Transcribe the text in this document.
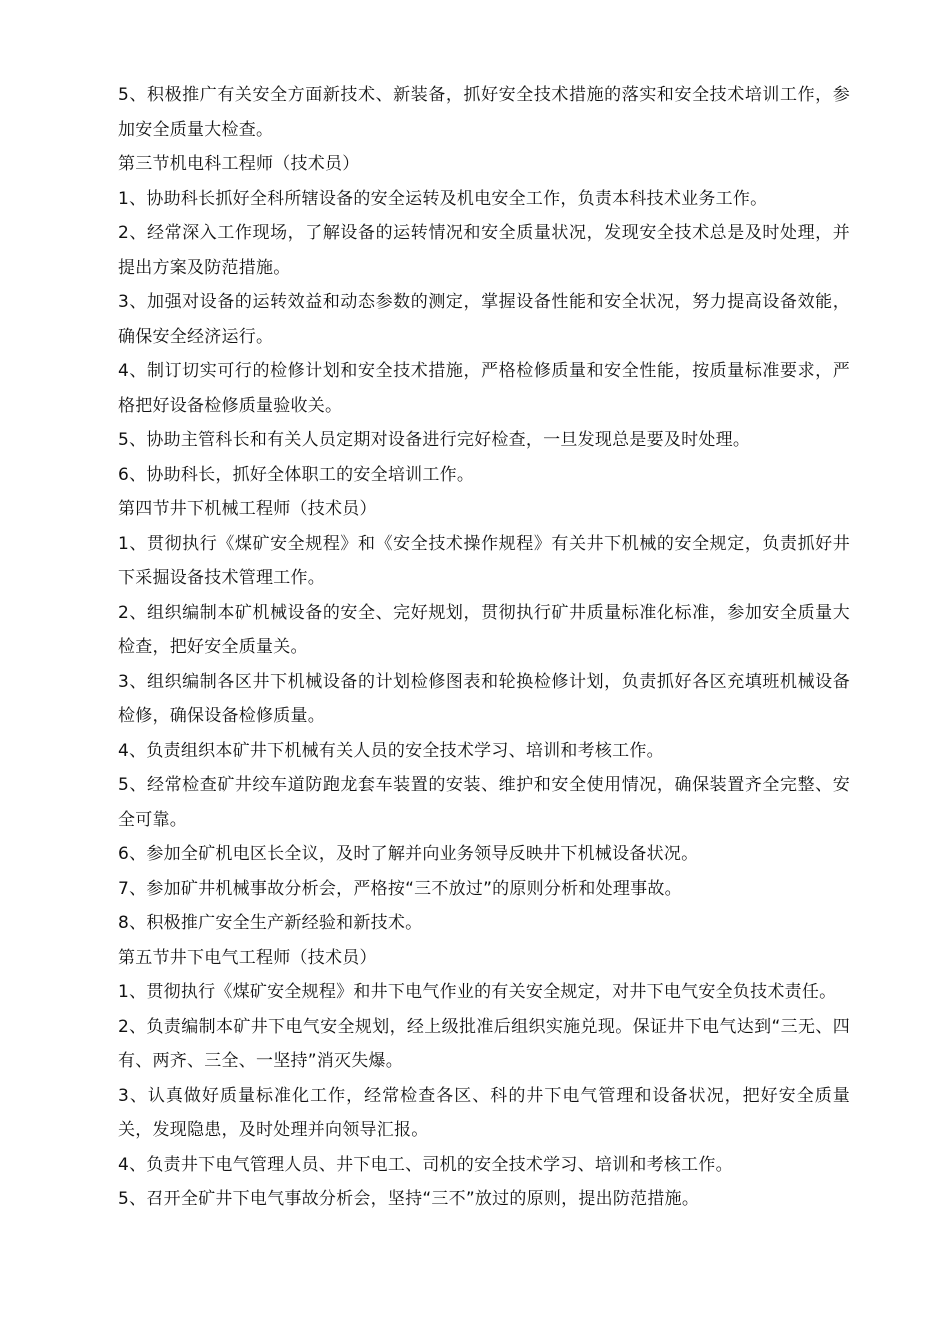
5、积极推广有关安全方面新技术、新装备，抓好安全技术措施的落实和安全技术培训工作，参加安全质量大检查。

第三节机电科工程师（技术员）

1、协助科长抓好全科所辖设备的安全运转及机电安全工作，负责本科技术业务工作。

2、经常深入工作现场，了解设备的运转情况和安全质量状况，发现安全技术总是及时处理，并提出方案及防范措施。

3、加强对设备的运转效益和动态参数的测定，掌握设备性能和安全状况，努力提高设备效能，确保安全经济运行。

4、制订切实可行的检修计划和安全技术措施，严格检修质量和安全性能，按质量标准要求，严格把好设备检修质量验收关。

5、协助主管科长和有关人员定期对设备进行完好检查，一旦发现总是要及时处理。

6、协助科长，抓好全体职工的安全培训工作。

第四节井下机械工程师（技术员）

1、贯彻执行《煤矿安全规程》和《安全技术操作规程》有关井下机械的安全规定，负责抓好井下采掘设备技术管理工作。

2、组织编制本矿机械设备的安全、完好规划，贯彻执行矿井质量标准化标准，参加安全质量大检查，把好安全质量关。

3、组织编制各区井下机械设备的计划检修图表和轮换检修计划，负责抓好各区充填班机械设备检修，确保设备检修质量。

4、负责组织本矿井下机械有关人员的安全技术学习、培训和考核工作。

5、经常检查矿井绞车道防跑龙套车装置的安装、维护和安全使用情况，确保装置齐全完整、安全可靠。

6、参加全矿机电区长全议，及时了解并向业务领导反映井下机械设备状况。

7、参加矿井机械事故分析会，严格按“三不放过”的原则分析和处理事故。

8、积极推广安全生产新经验和新技术。

第五节井下电气工程师（技术员）

1、贯彻执行《煤矿安全规程》和井下电气作业的有关安全规定，对井下电气安全负技术责任。

2、负责编制本矿井下电气安全规划，经上级批准后组织实施兑现。保证井下电气达到“三无、四有、两齐、三全、一坚持”消灭失爆。

3、认真做好质量标准化工作，经常检查各区、科的井下电气管理和设备状况，把好安全质量关，发现隐患，及时处理并向领导汇报。

4、负责井下电气管理人员、井下电工、司机的安全技术学习、培训和考核工作。

5、召开全矿井下电气事故分析会，坚持“三不”放过的原则，提出防范措施。
